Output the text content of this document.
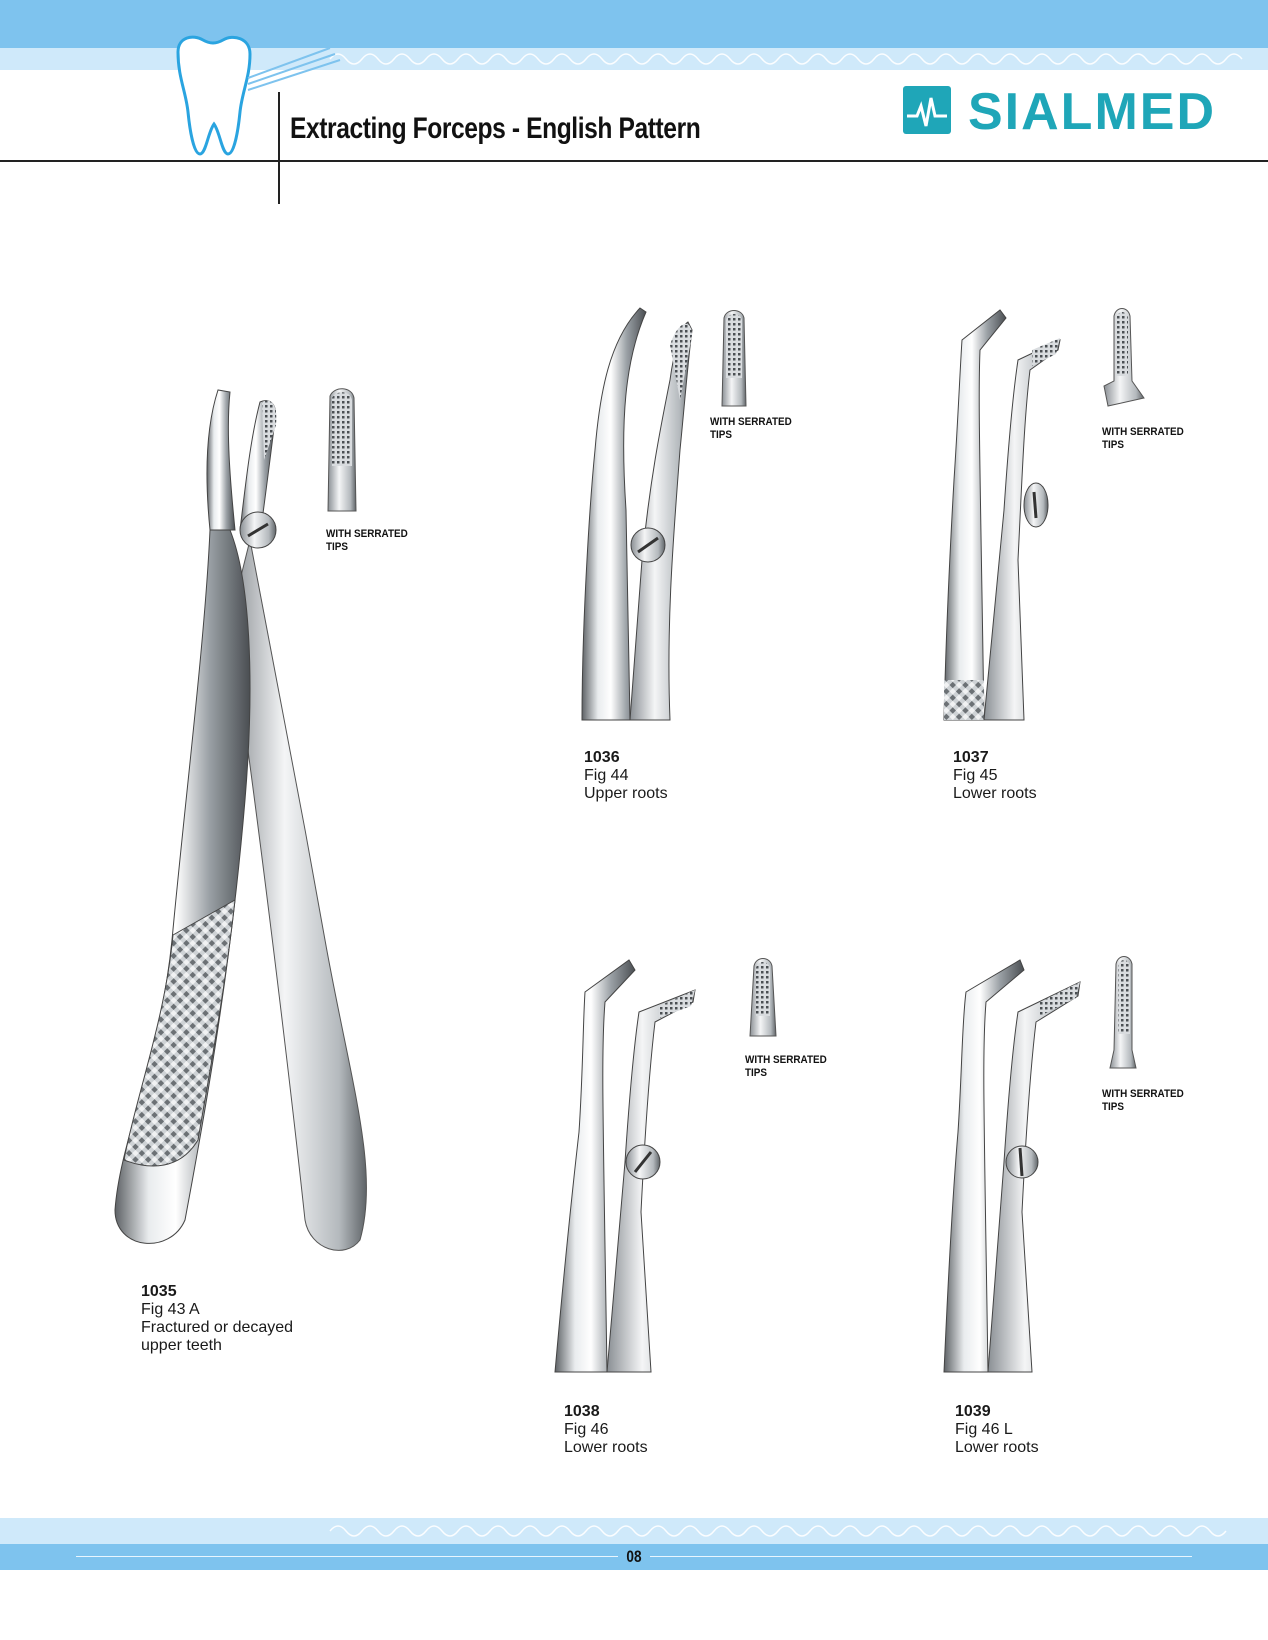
Extracting Forceps - English Pattern	SIALMED
WITH SERRATED
TIPS
1035
Fig 43 A
Fractured or decayed
upper teeth
WITH SERRATED
TIPS
1036
Fig 44
Upper roots
WITH SERRATED
TIPS
1037
Fig 45
Lower roots
WITH SERRATED
TIPS
1038
Fig 46
Lower roots
WITH SERRATED
TIPS
1039
Fig 46 L
Lower roots
08
